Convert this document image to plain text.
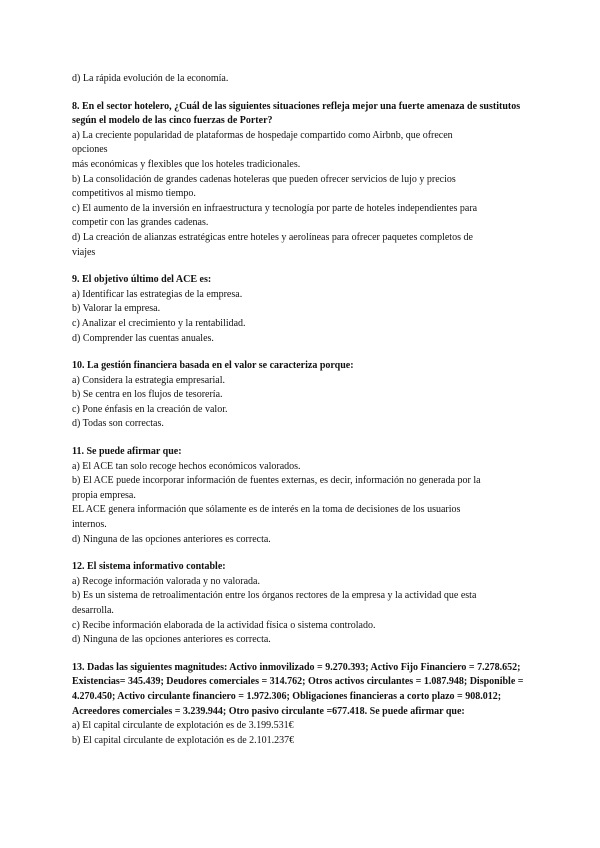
d) La rápida evolución de la economía.
8. En el sector hotelero, ¿Cuál de las siguientes situaciones refleja mejor una fuerte amenaza de sustitutos según el modelo de las cinco fuerzas de Porter?
a) La creciente popularidad de plataformas de hospedaje compartido como Airbnb, que ofrecen
opciones
más económicas y flexibles que los hoteles tradicionales.
b) La consolidación de grandes cadenas hoteleras que pueden ofrecer servicios de lujo y precios
competitivos al mismo tiempo.
c) El aumento de la inversión en infraestructura y tecnología por parte de hoteles independientes para
competir con las grandes cadenas.
d) La creación de alianzas estratégicas entre hoteles y aerolíneas para ofrecer paquetes completos de
viajes
9. El objetivo último del ACE es:
a) Identificar las estrategias de la empresa.
b) Valorar la empresa.
c) Analizar el crecimiento y la rentabilidad.
d) Comprender las cuentas anuales.
10. La gestión financiera basada en el valor se caracteriza porque:
a) Considera la estrategia empresarial.
b) Se centra en los flujos de tesorería.
c) Pone énfasis en la creación de valor.
d) Todas son correctas.
11. Se puede afirmar que:
a) El ACE tan solo recoge hechos económicos valorados.
b) El ACE puede incorporar información de fuentes externas, es decir, información no generada por la
propia empresa.
EL ACE genera información que sólamente es de interés en la toma de decisiones de los usuarios
internos.
d) Ninguna de las opciones anteriores es correcta.
12. El sistema informativo contable:
a) Recoge información valorada y no valorada.
b) Es un sistema de retroalimentación entre los órganos rectores de la empresa y la actividad que esta
desarrolla.
c) Recibe información elaborada de la actividad física o sistema controlado.
d) Ninguna de las opciones anteriores es correcta.
13. Dadas las siguientes magnitudes: Activo inmovilizado = 9.270.393; Activo Fijo Financiero = 7.278.652; Existencias= 345.439; Deudores comerciales = 314.762; Otros activos circulantes = 1.087.948; Disponible = 4.270.450; Activo circulante financiero = 1.972.306; Obligaciones financieras a corto plazo = 908.012; Acreedores comerciales = 3.239.944; Otro pasivo circulante =677.418. Se puede afirmar que:
a) El capital circulante de explotación es de 3.199.531€
b) El capital circulante de explotación es de 2.101.237€
